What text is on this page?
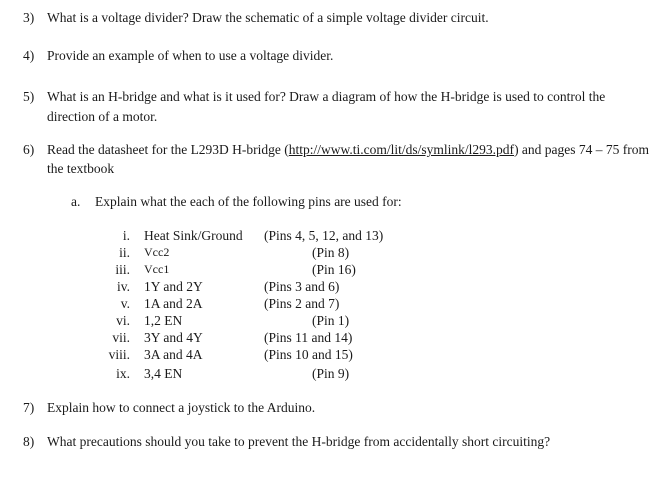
3) What is a voltage divider? Draw the schematic of a simple voltage divider circuit.
4) Provide an example of when to use a voltage divider.
5) What is an H-bridge and what is it used for? Draw a diagram of how the H-bridge is used to control the direction of a motor.
6) Read the datasheet for the L293D H-bridge (http://www.ti.com/lit/ds/symlink/l293.pdf) and pages 74 – 75 from the textbook
a. Explain what the each of the following pins are used for:
i. Heat Sink/Ground (Pins 4, 5, 12, and 13)
ii. Vcc2	(Pin 8)
iii. Vcc1	(Pin 16)
iv. 1Y and 2Y	(Pins 3 and 6)
v. 1A and 2A	(Pins 2 and 7)
vi. 1,2 EN	(Pin 1)
vii. 3Y and 4Y	(Pins 11 and 14)
viii. 3A and 4A	(Pins 10 and 15)
ix. 3,4 EN	(Pin 9)
7) Explain how to connect a joystick to the Arduino.
8) What precautions should you take to prevent the H-bridge from accidentally short circuiting?
